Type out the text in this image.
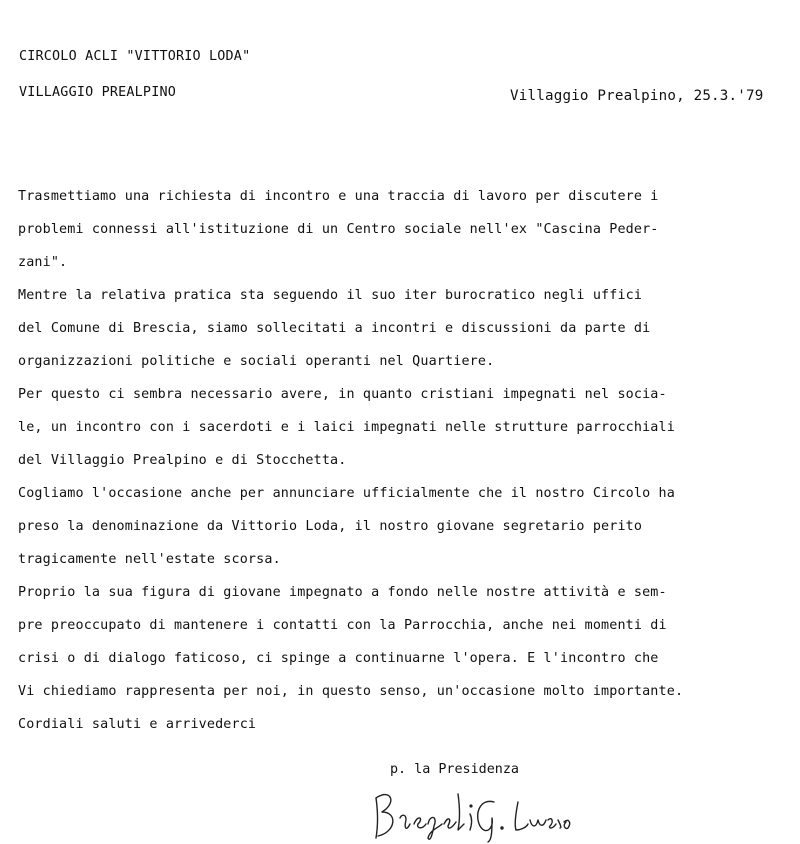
CIRCOLO ACLI "VITTORIO LODA"
VILLAGGIO PREALPINO	Villaggio Prealpino, 25.3.'79
Trasmettiamo una richiesta di incontro e una traccia di lavoro per discutere i
problemi connessi all'istituzione di un Centro sociale nell'ex "Cascina Peder-
zani".
Mentre la relativa pratica sta seguendo il suo iter burocratico negli uffici
del Comune di Brescia, siamo sollecitati a incontri e discussioni da parte di
organizzazioni politiche e sociali operanti nel Quartiere.
Per questo ci sembra necessario avere, in quanto cristiani impegnati nel socia-
le, un incontro con i sacerdoti e i laici impegnati nelle strutture parrocchiali
del Villaggio Prealpino e di Stocchetta.
Cogliamo l'occasione anche per annunciare ufficialmente che il nostro Circolo ha
preso la denominazione da Vittorio Loda, il nostro giovane segretario perito
tragicamente nell'estate scorsa.
Proprio la sua figura di giovane impegnato a fondo nelle nostre attività e sem-
pre preoccupato di mantenere i contatti con la Parrocchia, anche nei momenti di
crisi o di dialogo faticoso, ci spinge a continuarne l'opera. E l'incontro che
Vi chiediamo rappresenta per noi, in questo senso, un'occasione molto importante.
Cordiali saluti e arrivederci
p. la Presidenza
